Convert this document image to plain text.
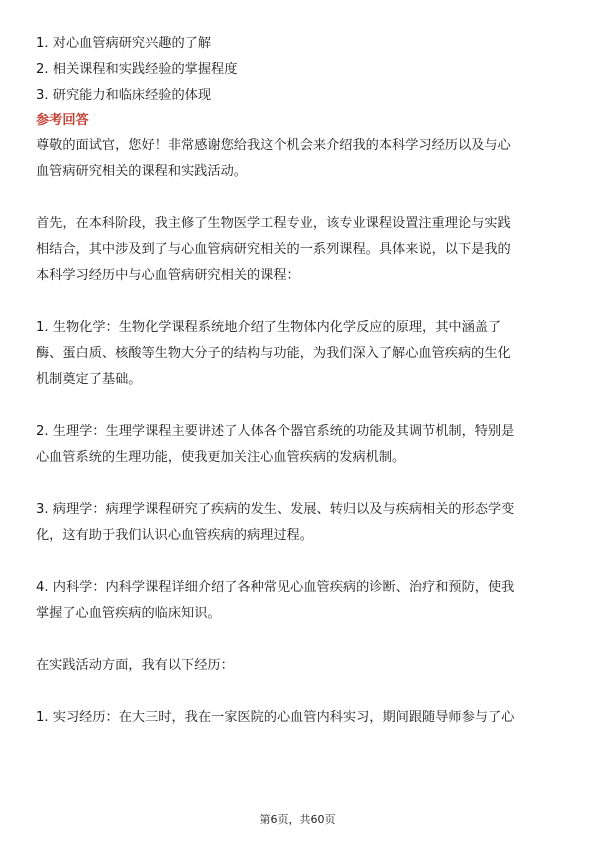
1. 对心血管病研究兴趣的了解

2. 相关课程和实践经验的掌握程度

3. 研究能力和临床经验的体现

参考回答

尊敬的面试官，您好！非常感谢您给我这个机会来介绍我的本科学习经历以及与心

血管病研究相关的课程和实践活动。

首先，在本科阶段，我主修了生物医学工程专业，该专业课程设置注重理论与实践

相结合，其中涉及到了与心血管病研究相关的一系列课程。具体来说，以下是我的

本科学习经历中与心血管病研究相关的课程：

1. 生物化学：生物化学课程系统地介绍了生物体内化学反应的原理，其中涵盖了

酶、蛋白质、核酸等生物大分子的结构与功能，为我们深入了解心血管疾病的生化

机制奠定了基础。

2. 生理学：生理学课程主要讲述了人体各个器官系统的功能及其调节机制，特别是

心血管系统的生理功能，使我更加关注心血管疾病的发病机制。

3. 病理学：病理学课程研究了疾病的发生、发展、转归以及与疾病相关的形态学变

化，这有助于我们认识心血管疾病的病理过程。

4. 内科学：内科学课程详细介绍了各种常见心血管疾病的诊断、治疗和预防，使我

掌握了心血管疾病的临床知识。

在实践活动方面，我有以下经历：

1. 实习经历：在大三时，我在一家医院的心血管内科实习，期间跟随导师参与了心

第6页，共60页
